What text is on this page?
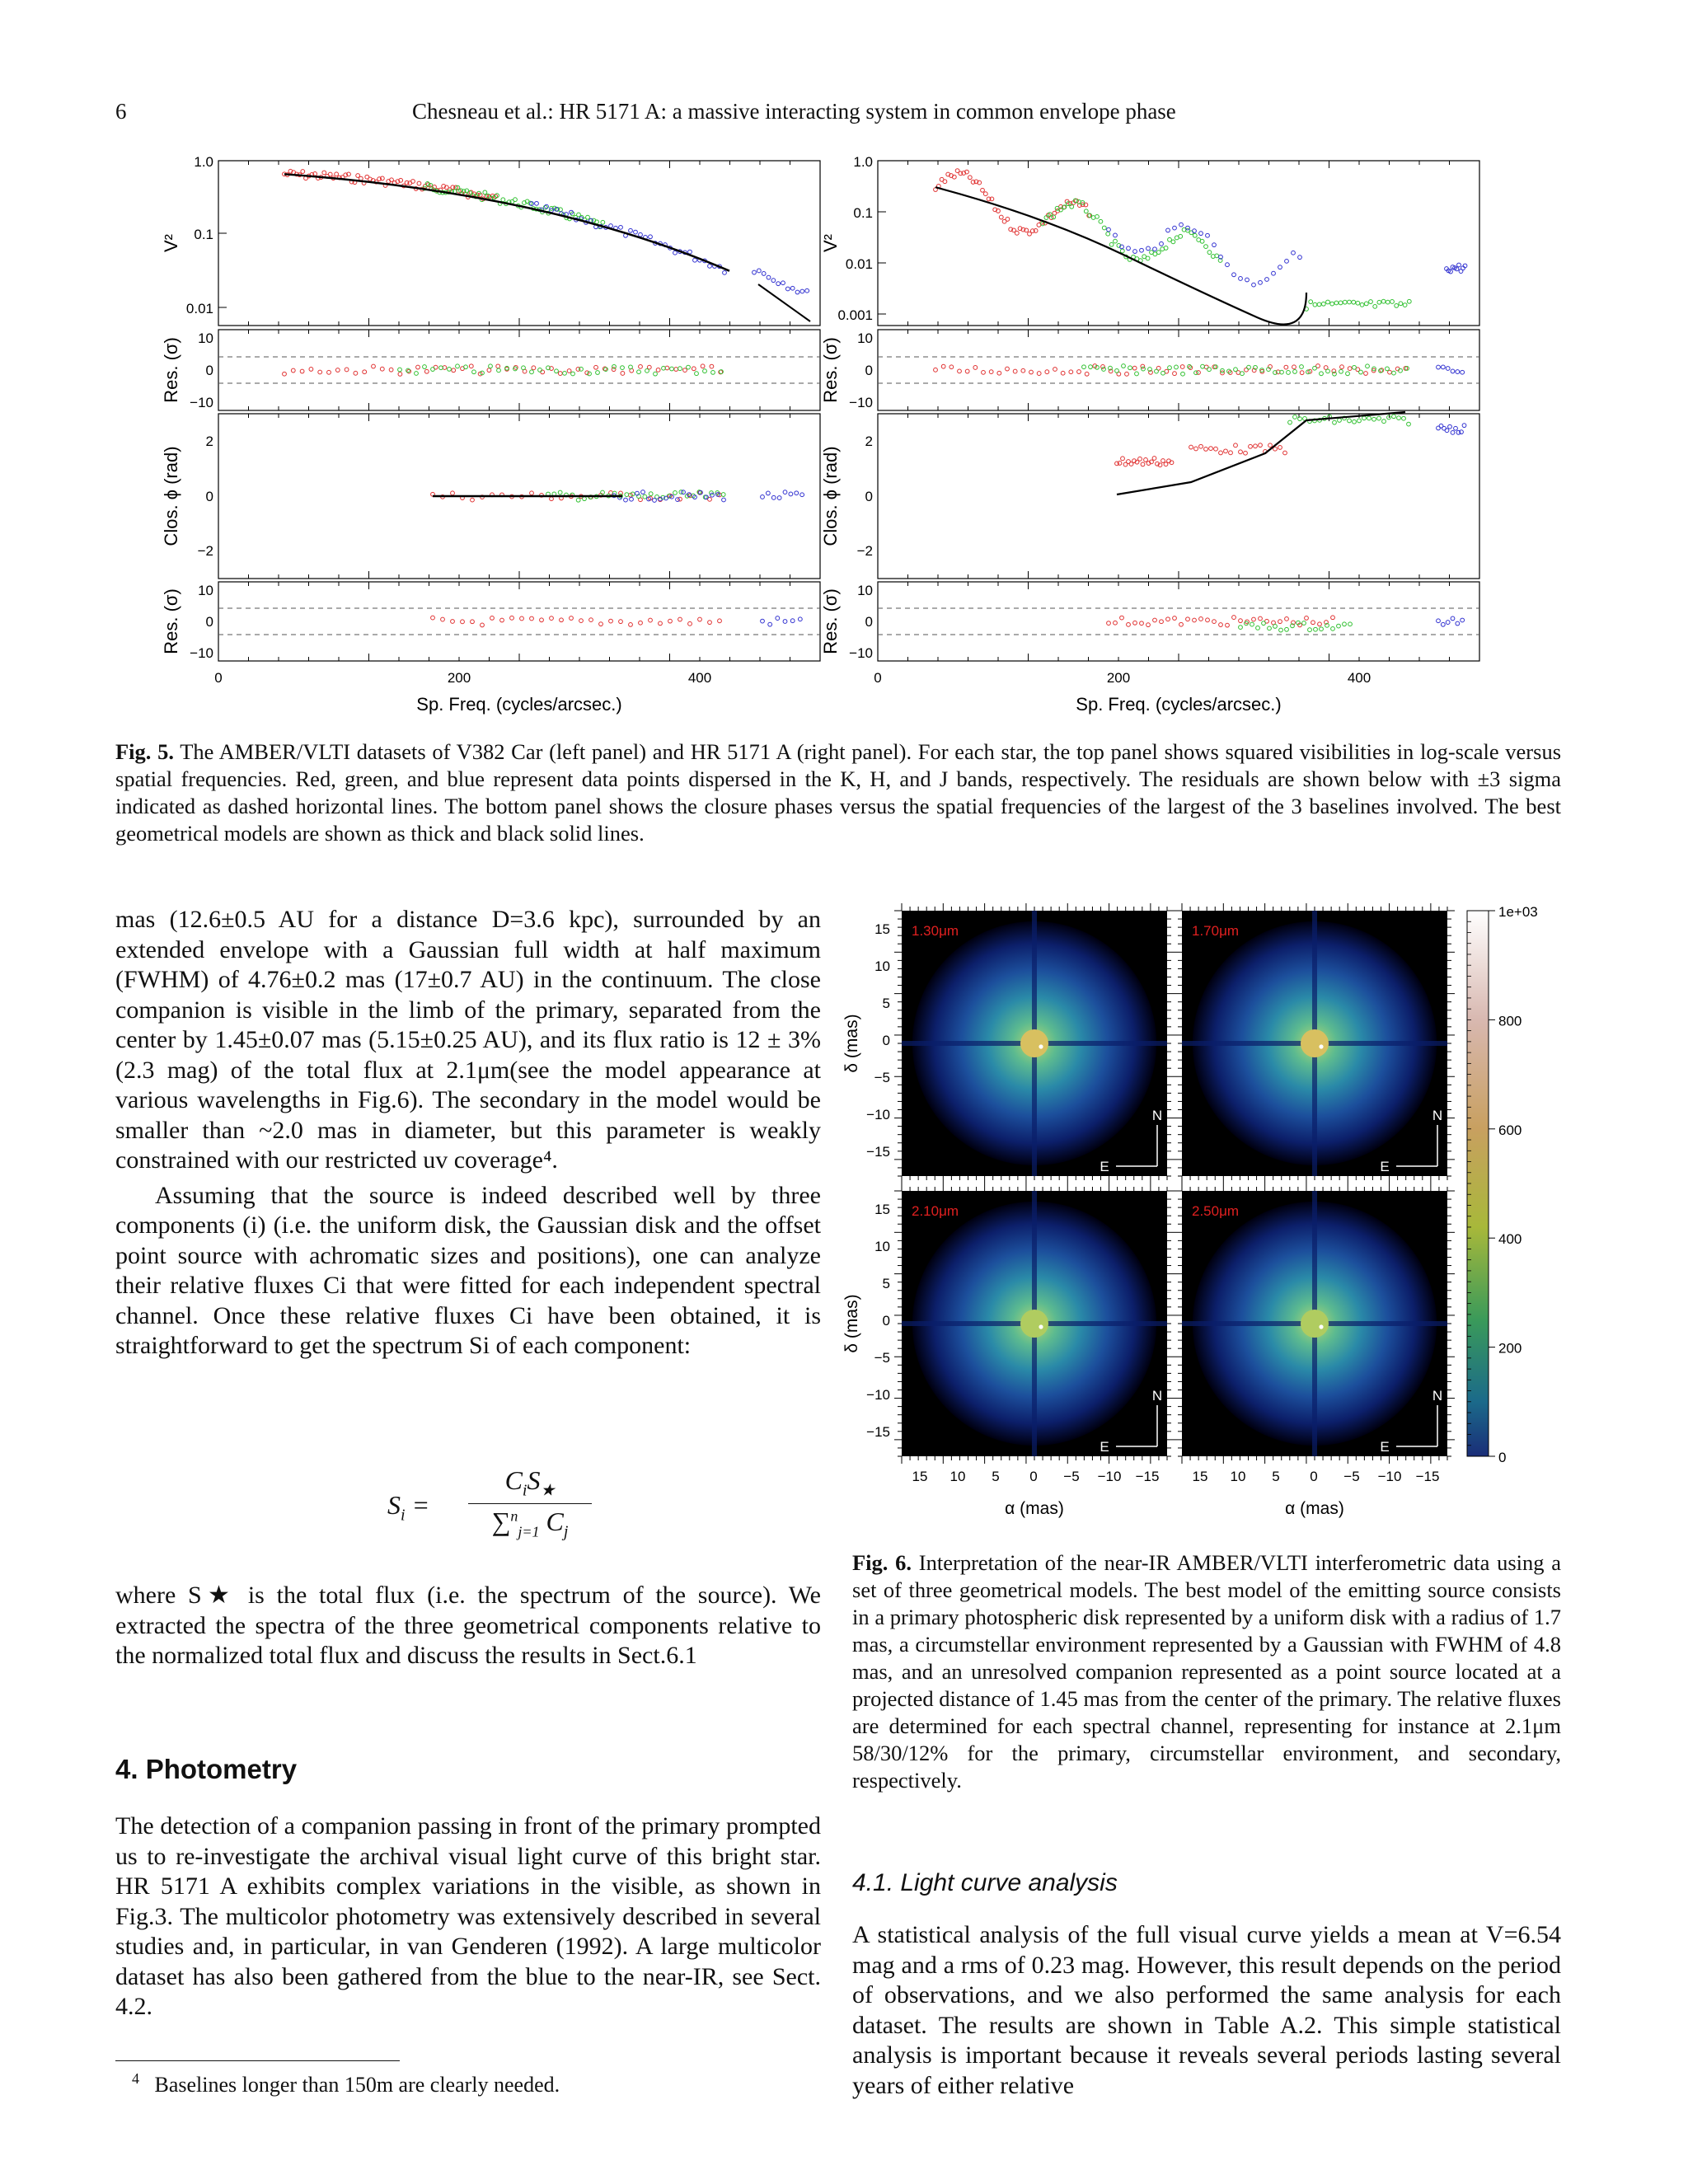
6	Chesneau et al.: HR 5171 A: a massive interacting system in common envelope phase
V²
Res. (σ)
Clos. ϕ (rad)
Res. (σ)
1.0
0.1
0.01
10
0
−10
10
0
−10
2
0
−2
0	200	400
Sp. Freq. (cycles/arcsec.)
V²
Res. (σ)
Clos. ϕ (rad)
Res. (σ)
1.0
0.1
0.01
0.001
10
0
−10
10
0
−10
2
0
−2
0	200	400
Sp. Freq. (cycles/arcsec.)
Fig. 5. The AMBER/VLTI datasets of V382 Car (left panel) and HR 5171 A (right panel). For each star, the top panel shows squared visibilities in log-scale versus spatial frequencies. Red, green, and blue represent data points dispersed in the K, H, and J bands, respectively. The residuals are shown below with ±3 sigma indicated as dashed horizontal lines. The bottom panel shows the closure phases versus the spatial frequencies of the largest of the 3 baselines involved. The best geometrical models are shown as thick and black solid lines.

mas (12.6±0.5 AU for a distance D=3.6 kpc), surrounded by an extended envelope with a Gaussian full width at half maximum (FWHM) of 4.76±0.2 mas (17±0.7 AU) in the continuum. The close companion is visible in the limb of the primary, separated from the center by 1.45±0.07 mas (5.15±0.25 AU), and its flux ratio is 12 ± 3% (2.3 mag) of the total flux at 2.1μm(see the model appearance at various wavelengths in Fig.6). The secondary in the model would be smaller than ~2.0 mas in diameter, but this parameter is weakly constrained with our restricted uv coverage⁴.

Assuming that the source is indeed described well by three components (i) (i.e. the uniform disk, the Gaussian disk and the offset point source with achromatic sizes and positions), one can analyze their relative fluxes Ci that were fitted for each independent spectral channel. Once these relative fluxes Ci have been obtained, it is straightforward to get the spectrum Si of each component:

$S_i$ =
$C_iS_★$
∑$^n_{j=1}$ $C_j$

where S★ is the total flux (i.e. the spectrum of the source). We extracted the spectra of the three geometrical components relative to the normalized total flux and discuss the results in Sect.6.1

4. Photometry

The detection of a companion passing in front of the primary prompted us to re-investigate the archival visual light curve of this bright star. HR 5171 A exhibits complex variations in the visible, as shown in Fig.3. The multicolor photometry was extensively described in several studies and, in particular, in van Genderen (1992). A large multicolor dataset has also been gathered from the blue to the near-IR, see Sect. 4.2.

$^4$ Baselines longer than 150m are clearly needed.
1.30μm
N
E
15
10
5
0
−5
−10
−15
δ (mas)
1.70μm
N
E
2.10μm
N
E
15
10
5
0
−5
−10
−15
δ (mas)
15 10 5 0 −5 −10 −15
α (mas)
2.50μm
N
E
15 10 5 0 −5 −10 −15
α (mas)
1e+03
800
600
400
200
0
Fig. 6. Interpretation of the near-IR AMBER/VLTI interferometric data using a set of three geometrical models. The best model of the emitting source consists in a primary photospheric disk represented by a uniform disk with a radius of 1.7 mas, a circumstellar environment represented by a Gaussian with FWHM of 4.8 mas, and an unresolved companion represented as a point source located at a projected distance of 1.45 mas from the center of the primary. The relative fluxes are determined for each spectral channel, representing for instance at 2.1μm 58/30/12% for the primary, circumstellar environment, and secondary, respectively.
4.1. Light curve analysis

A statistical analysis of the full visual curve yields a mean at V=6.54 mag and a rms of 0.23 mag. However, this result depends on the period of observations, and we also performed the same analysis for each dataset. The results are shown in Table A.2. This simple statistical analysis is important because it reveals several periods lasting several years of either relative
